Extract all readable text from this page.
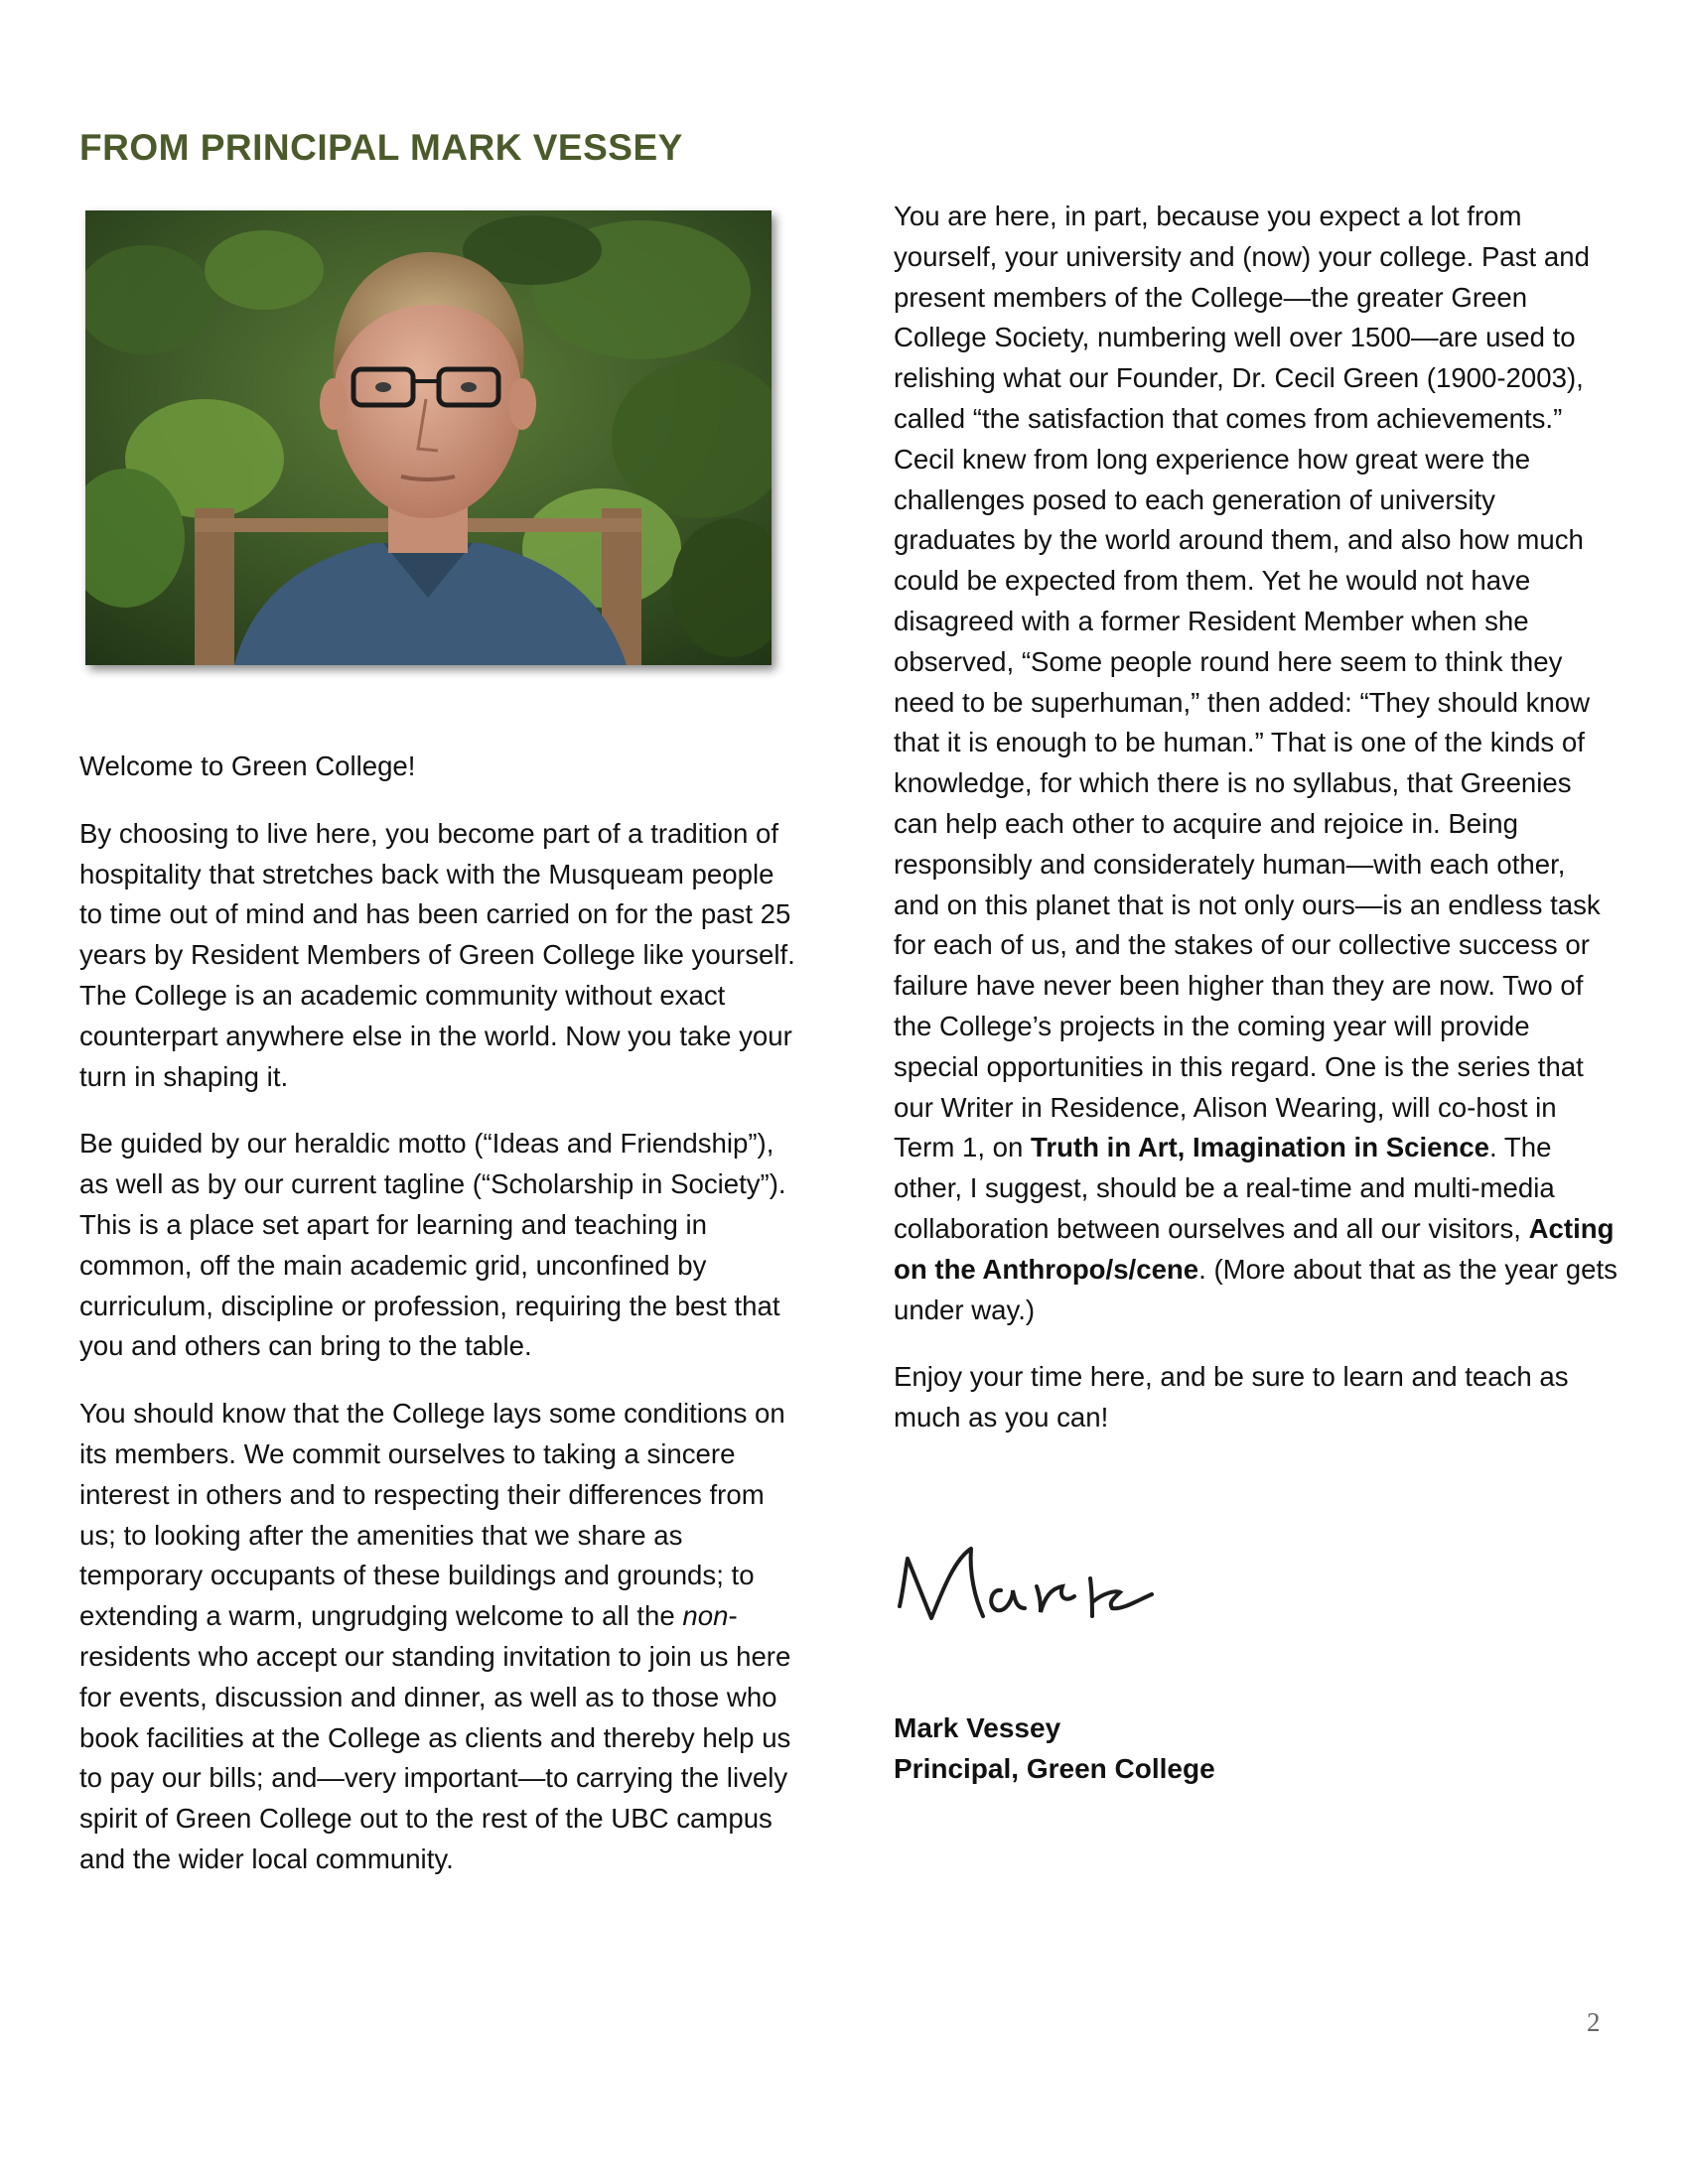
FROM PRINCIPAL MARK VESSEY

Welcome to Green College!

By choosing to live here, you become part of a tradition of hospitality that stretches back with the Musqueam people to time out of mind and has been carried on for the past 25 years by Resident Members of Green College like yourself. The College is an academic community without exact counterpart anywhere else in the world. Now you take your turn in shaping it.

Be guided by our heraldic motto (“Ideas and Friendship”), as well as by our current tagline (“Scholarship in Society”). This is a place set apart for learning and teaching in common, off the main academic grid, unconfined by curriculum, discipline or profession, requiring the best that you and others can bring to the table.

You should know that the College lays some conditions on its members. We commit ourselves to taking a sincere interest in others and to respecting their differences from us; to looking after the amenities that we share as temporary occupants of these buildings and grounds; to extending a warm, ungrudging welcome to all the non-residents who accept our standing invitation to join us here for events, discussion and dinner, as well as to those who book facilities at the College as clients and thereby help us to pay our bills; and—very important—to carrying the lively spirit of Green College out to the rest of the UBC campus and the wider local community.

You are here, in part, because you expect a lot from yourself, your university and (now) your college. Past and present members of the College—the greater Green College Society, numbering well over 1500—are used to relishing what our Founder, Dr. Cecil Green (1900-2003), called “the satisfaction that comes from achievements.” Cecil knew from long experience how great were the challenges posed to each generation of university graduates by the world around them, and also how much could be expected from them. Yet he would not have disagreed with a former Resident Member when she observed, “Some people round here seem to think they need to be superhuman,” then added: “They should know that it is enough to be human.” That is one of the kinds of knowledge, for which there is no syllabus, that Greenies can help each other to acquire and rejoice in. Being responsibly and considerately human—with each other, and on this planet that is not only ours—is an endless task for each of us, and the stakes of our collective success or failure have never been higher than they are now. Two of the College’s projects in the coming year will provide special opportunities in this regard. One is the series that our Writer in Residence, Alison Wearing, will co-host in Term 1, on Truth in Art, Imagination in Science. The other, I suggest, should be a real-time and multi-media collaboration between ourselves and all our visitors, Acting on the Anthropo/s/cene. (More about that as the year gets under way.)

Enjoy your time here, and be sure to learn and teach as much as you can!

Mark Vessey
Principal, Green College
2
